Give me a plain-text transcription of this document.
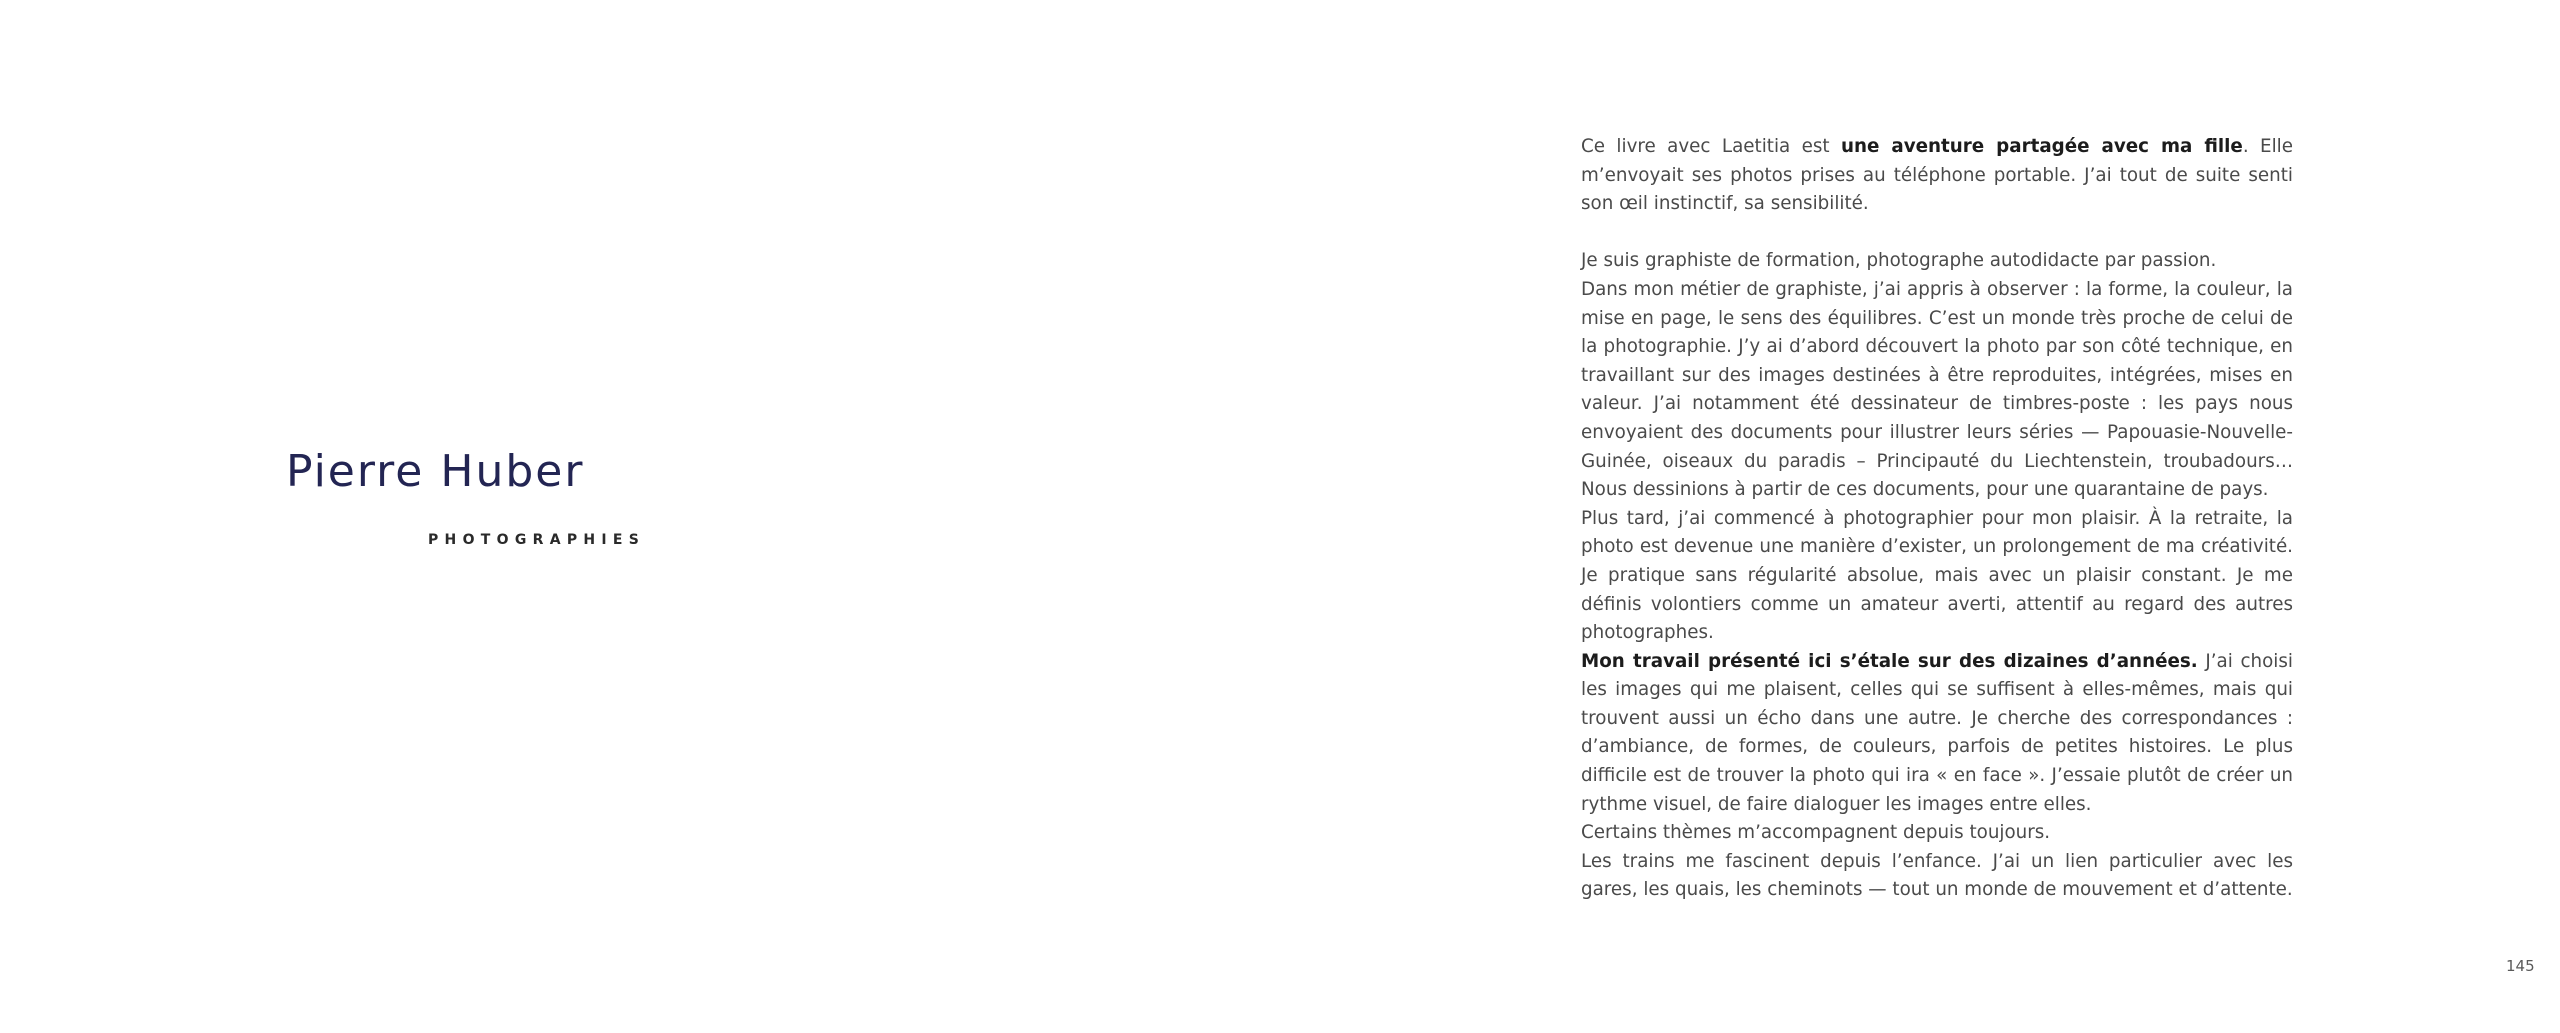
Pierre Huber
PHOTOGRAPHIES

Ce livre avec Laetitia est une aventure partagée avec ma fille. Elle m’envoyait ses photos prises au téléphone portable. J’ai tout de suite senti son œil instinctif, sa sensibilité.

Je suis graphiste de formation, photographe autodidacte par passion.

Dans mon métier de graphiste, j’ai appris à observer : la forme, la couleur, la mise en page, le sens des équilibres. C’est un monde très proche de celui de la photographie. J’y ai d’abord découvert la photo par son côté technique, en travaillant sur des images destinées à être reproduites, intégrées, mises en valeur. J’ai notamment été dessinateur de timbres-poste : les pays nous envoyaient des documents pour illustrer leurs séries — Papouasie-Nouvelle-Guinée, oiseaux du paradis – Principauté du Liechtenstein, troubadours… Nous dessinions à partir de ces documents, pour une quarantaine de pays.

Plus tard, j’ai commencé à photographier pour mon plaisir. À la retraite, la photo est devenue une manière d’exister, un prolongement de ma créativité. Je pratique sans régularité absolue, mais avec un plaisir constant. Je me définis volontiers comme un amateur averti, attentif au regard des autres photographes.

Mon travail présenté ici s’étale sur des dizaines d’années. J’ai choisi les images qui me plaisent, celles qui se suffisent à elles-mêmes, mais qui trouvent aussi un écho dans une autre. Je cherche des correspondances : d’ambiance, de formes, de couleurs, parfois de petites histoires. Le plus difficile est de trouver la photo qui ira « en face ». J’essaie plutôt de créer un rythme visuel, de faire dialoguer les images entre elles.

Certains thèmes m’accompagnent depuis toujours.

Les trains me fascinent depuis l’enfance. J’ai un lien particulier avec les gares, les quais, les cheminots — tout un monde de mouvement et d’attente.

145
